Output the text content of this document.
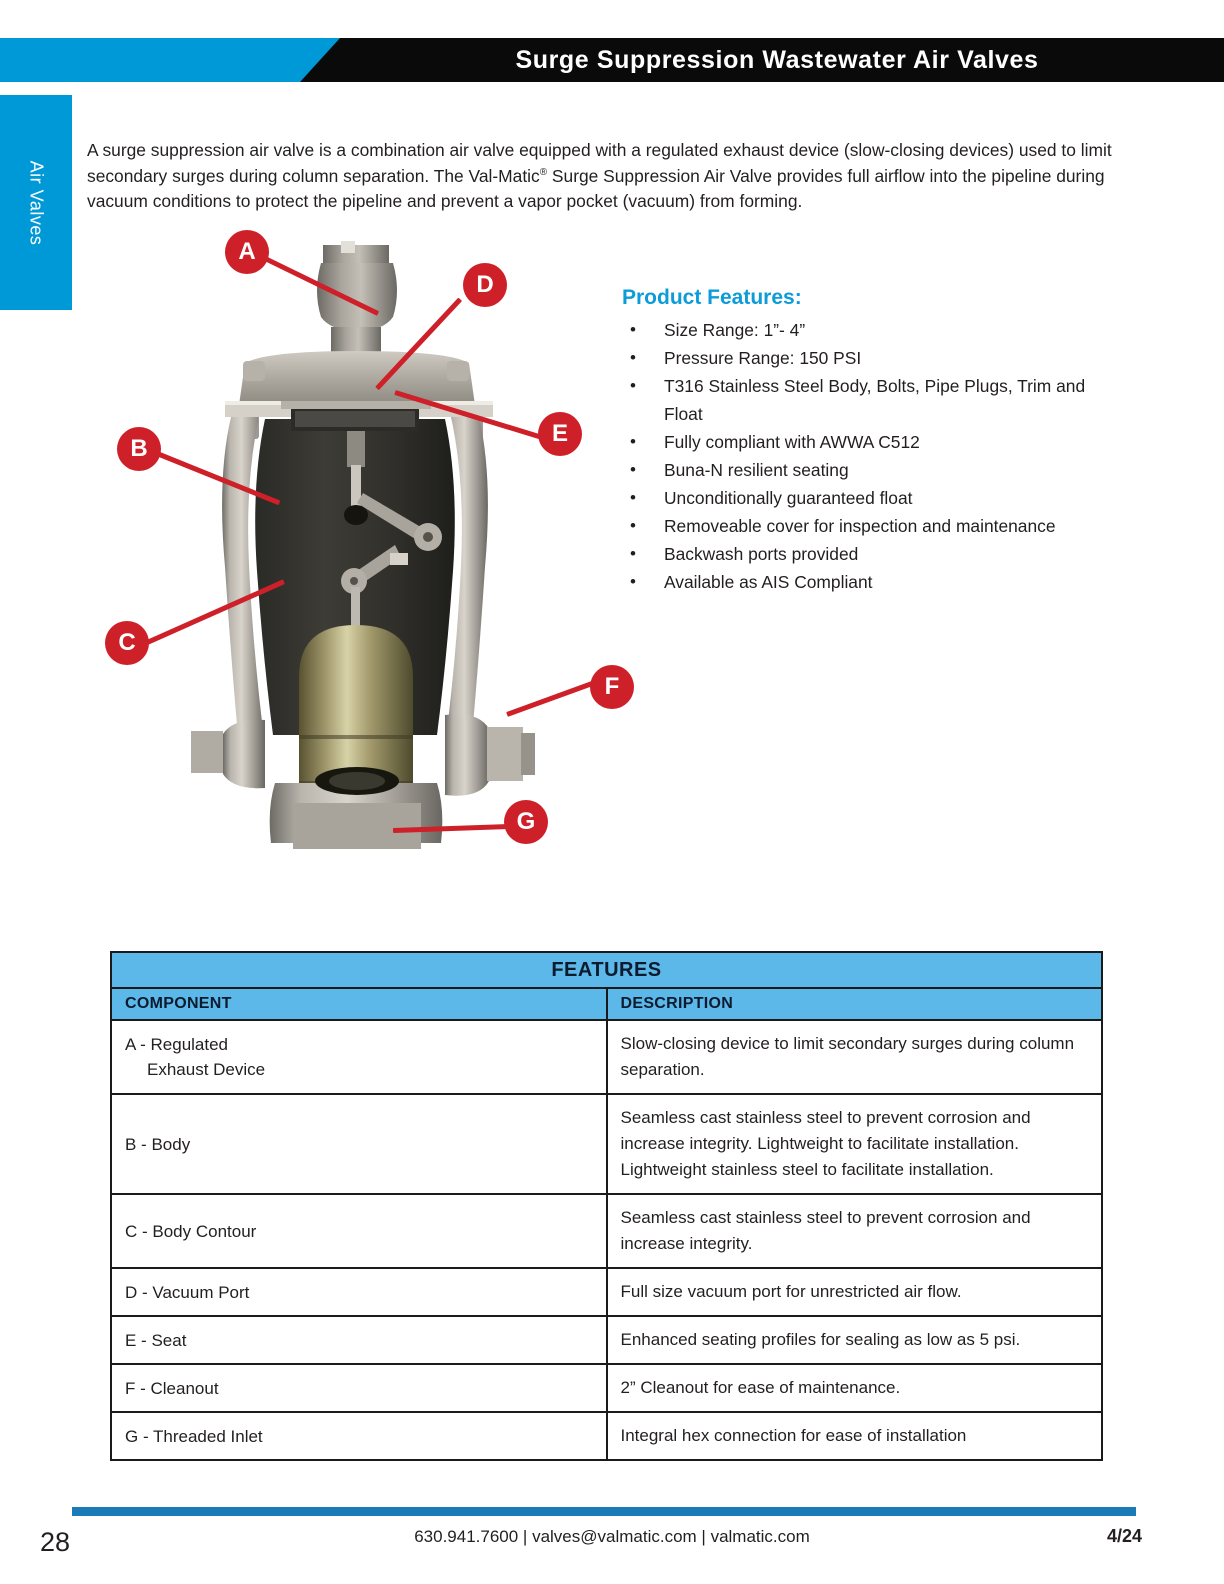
Surge Suppression Wastewater Air Valves
Air Valves

A surge suppression air valve is a combination air valve equipped with a regulated exhaust device (slow-closing devices) used to limit secondary surges during column separation. The Val-Matic® Surge Suppression Air Valve provides full airflow into the pipeline during vacuum conditions to protect the pipeline and prevent a vapor pocket (vacuum) from forming.

A
B
C
D
E
F
G
Product Features:
• Size Range: 1”- 4”
• Pressure Range: 150 PSI
• T316 Stainless Steel Body, Bolts, Pipe Plugs, Trim and Float
• Fully compliant with AWWA C512
• Buna-N resilient seating
• Unconditionally guaranteed float
• Removeable cover for inspection and maintenance
• Backwash ports provided
• Available as AIS Compliant
FEATURES	
COMPONENT	DESCRIPTION
A - Regulated
Exhaust Device	Slow-closing device to limit secondary surges during column separation.
B - Body	Seamless cast stainless steel to prevent corrosion and increase integrity. Lightweight to facilitate installation. Lightweight stainless steel to facilitate installation.
C - Body Contour	Seamless cast stainless steel to prevent corrosion and increase integrity.
D - Vacuum Port	Full size vacuum port for unrestricted air flow.
E - Seat	Enhanced seating profiles for sealing as low as 5 psi.
F - Cleanout	2” Cleanout for ease of maintenance.
G - Threaded Inlet	Integral hex connection for ease of installation
28	630.941.7600 | valves@valmatic.com | valmatic.com	4/24
